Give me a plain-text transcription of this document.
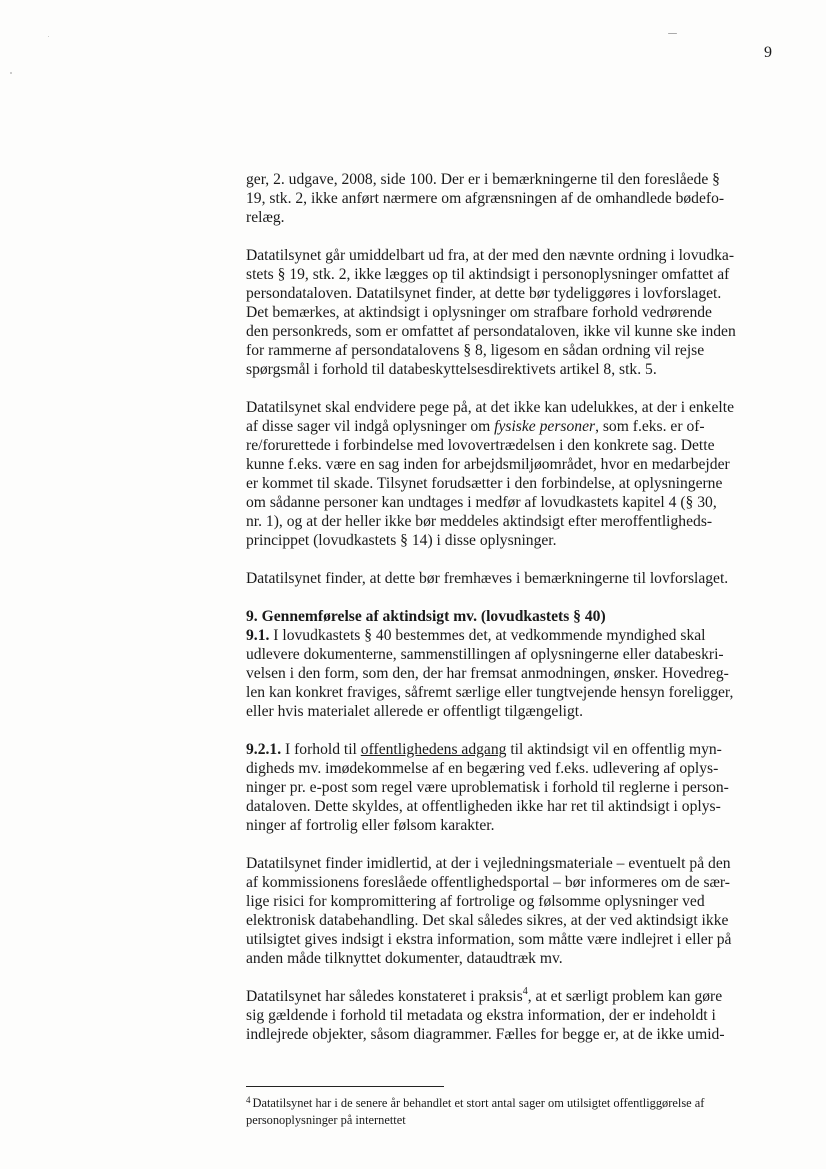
9
ger, 2. udgave, 2008, side 100. Der er i bemærkningerne til den foreslåede §
19, stk. 2, ikke anført nærmere om afgrænsningen af de omhandlede bødefo-
relæg.
Datatilsynet går umiddelbart ud fra, at der med den nævnte ordning i lovudka-
stets § 19, stk. 2, ikke lægges op til aktindsigt i personoplysninger omfattet af
persondataloven. Datatilsynet finder, at dette bør tydeliggøres i lovforslaget.
Det bemærkes, at aktindsigt i oplysninger om strafbare forhold vedrørende
den personkreds, som er omfattet af persondataloven, ikke vil kunne ske inden
for rammerne af persondatalovens § 8, ligesom en sådan ordning vil rejse
spørgsmål i forhold til databeskyttelsesdirektivets artikel 8, stk. 5.
Datatilsynet skal endvidere pege på, at det ikke kan udelukkes, at der i enkelte
af disse sager vil indgå oplysninger om fysiske personer, som f.eks. er of-
re/forurettede i forbindelse med lovovertrædelsen i den konkrete sag. Dette
kunne f.eks. være en sag inden for arbejdsmiljøområdet, hvor en medarbejder
er kommet til skade. Tilsynet forudsætter i den forbindelse, at oplysningerne
om sådanne personer kan undtages i medfør af lovudkastets kapitel 4 (§ 30,
nr. 1), og at der heller ikke bør meddeles aktindsigt efter meroffentligheds-
princippet (lovudkastets § 14) i disse oplysninger.
Datatilsynet finder, at dette bør fremhæves i bemærkningerne til lovforslaget.
9. Gennemførelse af aktindsigt mv. (lovudkastets § 40)
9.1. I lovudkastets § 40 bestemmes det, at vedkommende myndighed skal
udlevere dokumenterne, sammenstillingen af oplysningerne eller databeskri-
velsen i den form, som den, der har fremsat anmodningen, ønsker. Hovedreg-
len kan konkret fraviges, såfremt særlige eller tungtvejende hensyn foreligger,
eller hvis materialet allerede er offentligt tilgængeligt.
9.2.1. I forhold til offentlighedens adgang til aktindsigt vil en offentlig myn-
digheds mv. imødekommelse af en begæring ved f.eks. udlevering af oplys-
ninger pr. e-post som regel være uproblematisk i forhold til reglerne i person-
dataloven. Dette skyldes, at offentligheden ikke har ret til aktindsigt i oplys-
ninger af fortrolig eller følsom karakter.
Datatilsynet finder imidlertid, at der i vejledningsmateriale – eventuelt på den
af kommissionens foreslåede offentlighedsportal – bør informeres om de sær-
lige risici for kompromittering af fortrolige og følsomme oplysninger ved
elektronisk databehandling. Det skal således sikres, at der ved aktindsigt ikke
utilsigtet gives indsigt i ekstra information, som måtte være indlejret i eller på
anden måde tilknyttet dokumenter, dataudtræk mv.
Datatilsynet har således konstateret i praksis$^4$, at et særligt problem kan gøre
sig gældende i forhold til metadata og ekstra information, der er indeholdt i
indlejrede objekter, såsom diagrammer. Fælles for begge er, at de ikke umid-
$^4$ Datatilsynet har i de senere år behandlet et stort antal sager om utilsigtet offentliggørelse af
personoplysninger på internettet
